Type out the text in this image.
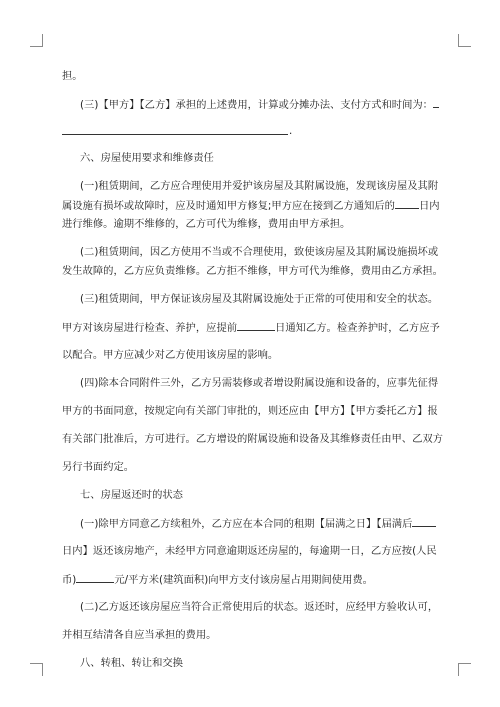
担。
(三)【甲方】【乙方】承担的上述费用，计算或分摊办法、支付方式和时间为：
.
六、房屋使用要求和维修责任
(一)租赁期间，乙方应合理使用并爱护该房屋及其附属设施，发现该房屋及其附
属设施有损坏或故障时，应及时通知甲方修复;甲方应在接到乙方通知后的 日内
进行维修。逾期不维修的，乙方可代为维修，费用由甲方承担。
(二)租赁期间，因乙方使用不当或不合理使用，致使该房屋及其附属设施损坏或
发生故障的，乙方应负责维修。乙方拒不维修，甲方可代为维修，费用由乙方承担。
(三)租赁期间，甲方保证该房屋及其附属设施处于正常的可使用和安全的状态。
甲方对该房屋进行检查、养护，应提前	日通知乙方。检查养护时，乙方应予
以配合。甲方应减少对乙方使用该房屋的影响。
(四)除本合同附件三外，乙方另需装修或者增设附属设施和设备的，应事先征得
甲方的书面同意，按规定向有关部门审批的，则还应由【甲方】【甲方委托乙方】报
有关部门批准后，方可进行。乙方增设的附属设施和设备及其维修责任由甲、乙双方
另行书面约定。
七、房屋返还时的状态
(一)除甲方同意乙方续租外，乙方应在本合同的租期【届满之日】【届满后
日内】返还该房地产，未经甲方同意逾期返还房屋的，每逾期一日，乙方应按(人民
币)	元/平方米(建筑面积)向甲方支付该房屋占用期间使用费。
(二)乙方返还该房屋应当符合正常使用后的状态。返还时，应经甲方验收认可，
并相互结清各自应当承担的费用。
八、转租、转让和交换
